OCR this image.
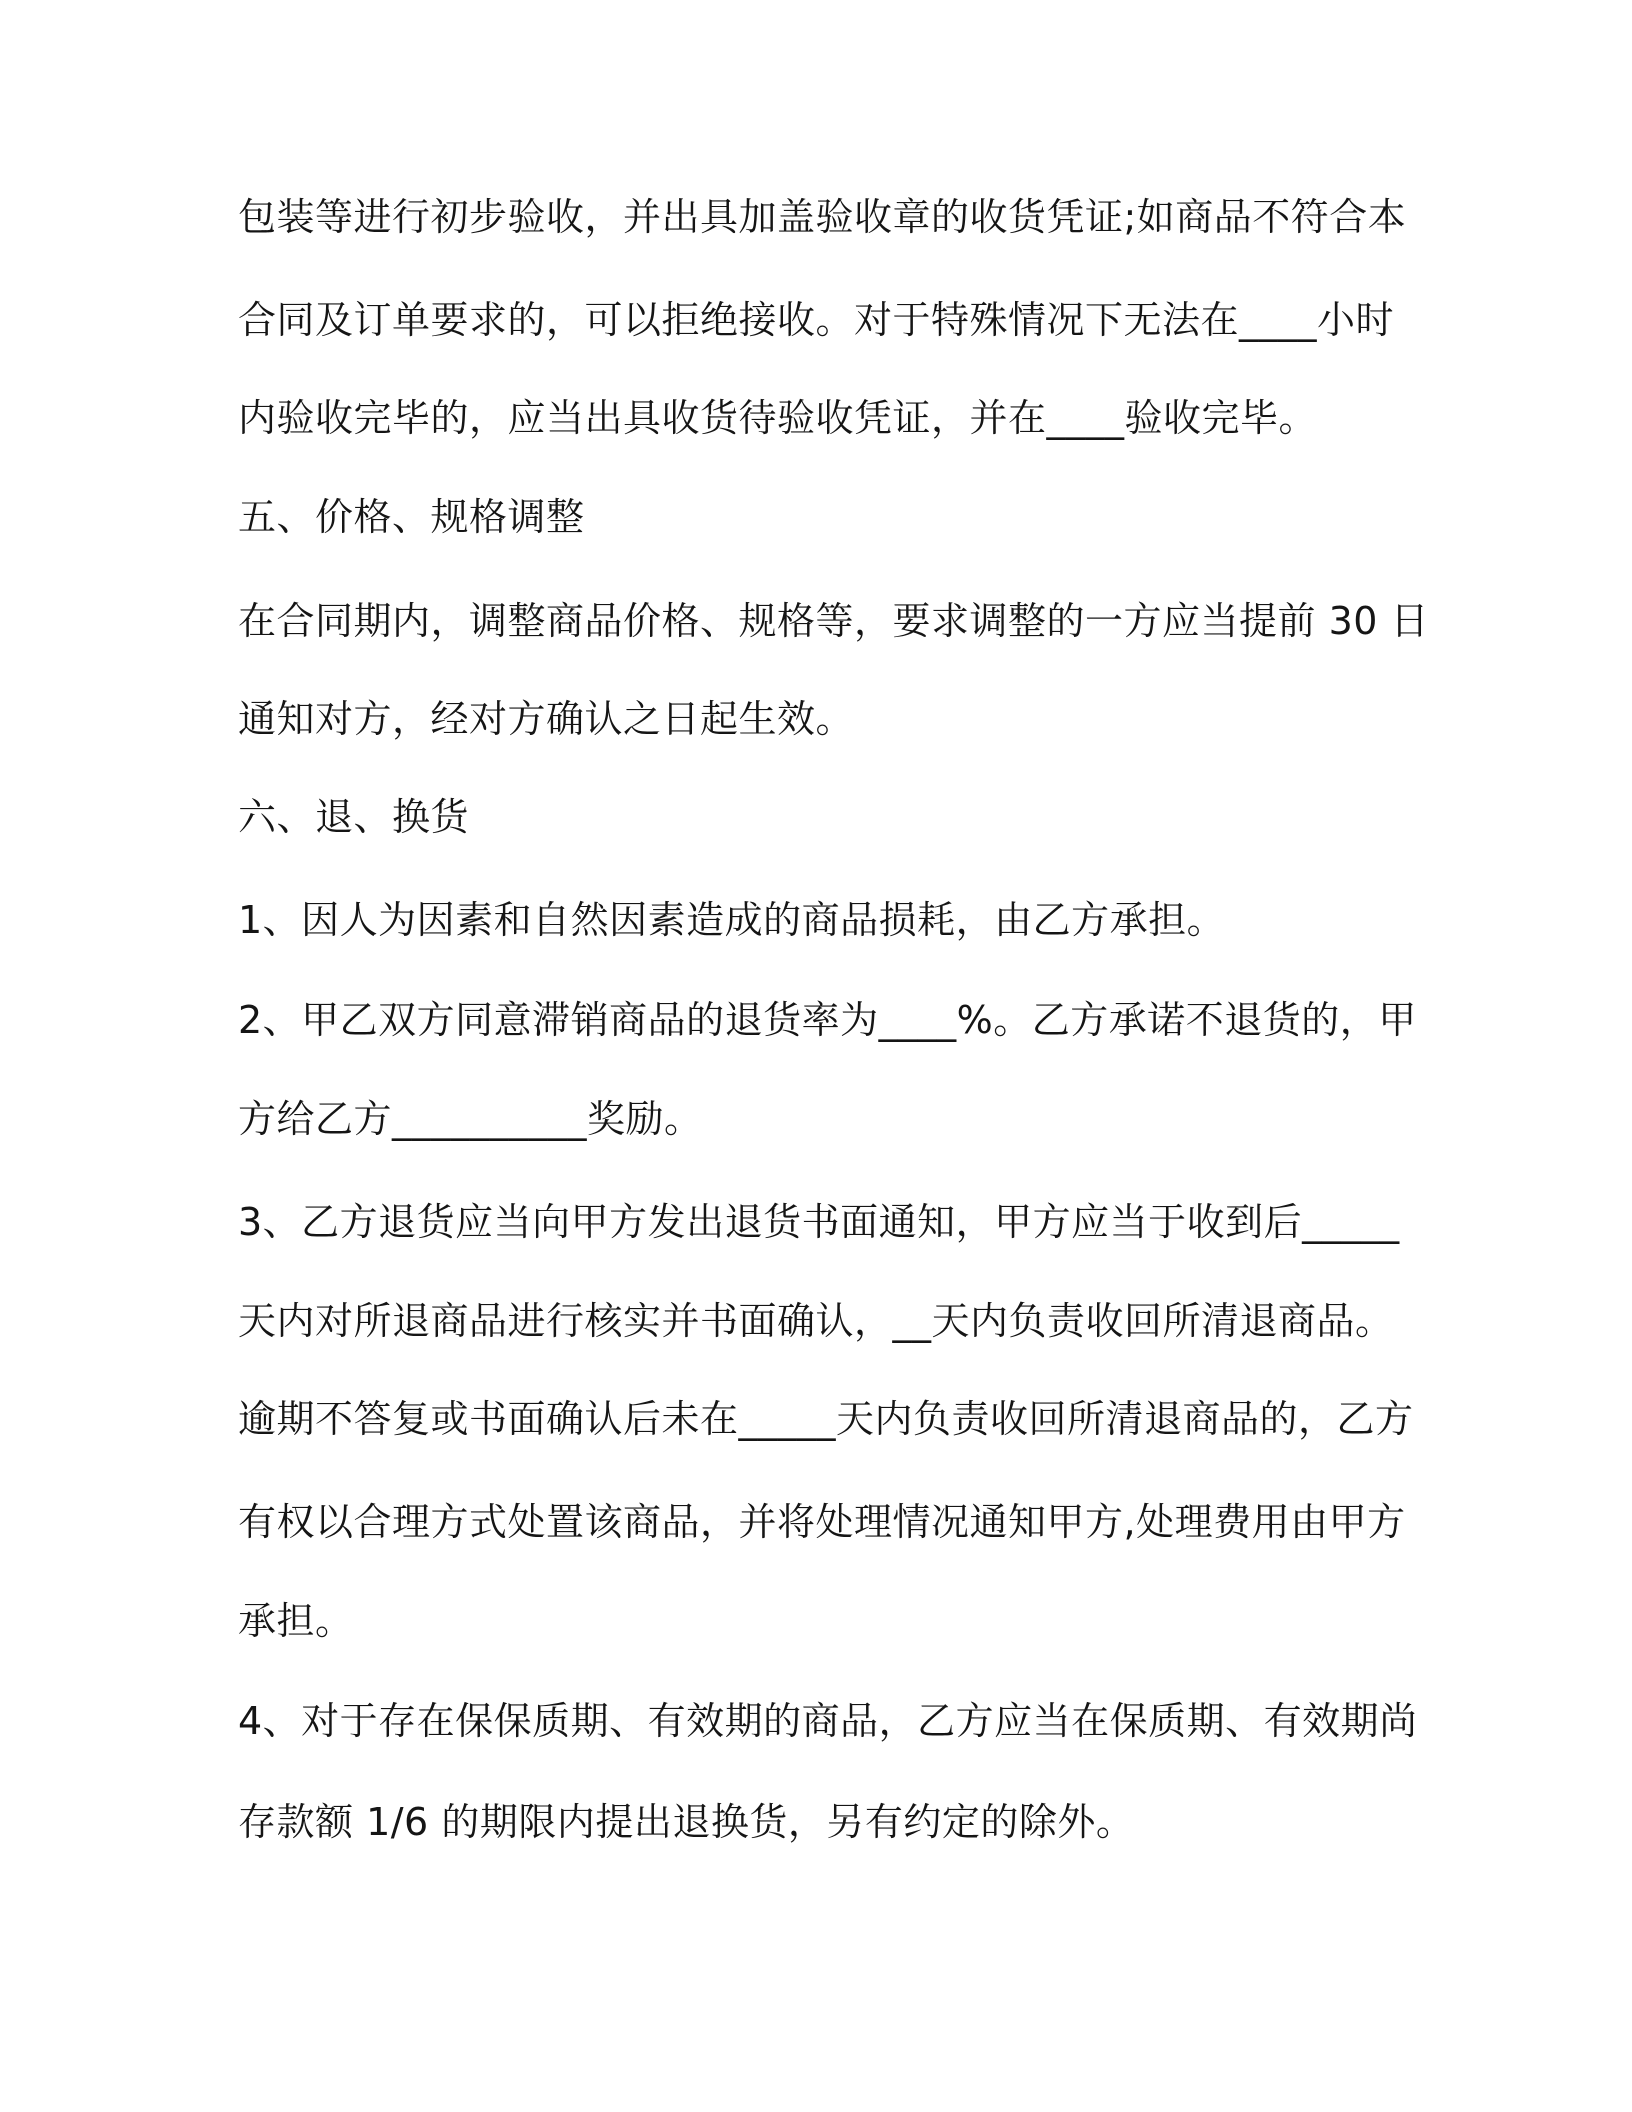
包装等进行初步验收，并出具加盖验收章的收货凭证;如商品不符合本
合同及订单要求的，可以拒绝接收。对于特殊情况下无法在____小时
内验收完毕的，应当出具收货待验收凭证，并在____验收完毕。
五、价格、规格调整
在合同期内，调整商品价格、规格等，要求调整的一方应当提前 30 日
通知对方，经对方确认之日起生效。
六、退、换货
1、因人为因素和自然因素造成的商品损耗，由乙方承担。
2、甲乙双方同意滞销商品的退货率为____%。乙方承诺不退货的，甲
方给乙方__________奖励。
3、乙方退货应当向甲方发出退货书面通知，甲方应当于收到后_____
天内对所退商品进行核实并书面确认，__天内负责收回所清退商品。
逾期不答复或书面确认后未在_____天内负责收回所清退商品的，乙方
有权以合理方式处置该商品，并将处理情况通知甲方,处理费用由甲方
承担。
4、对于存在保保质期、有效期的商品，乙方应当在保质期、有效期尚
存款额 1/6 的期限内提出退换货，另有约定的除外。
